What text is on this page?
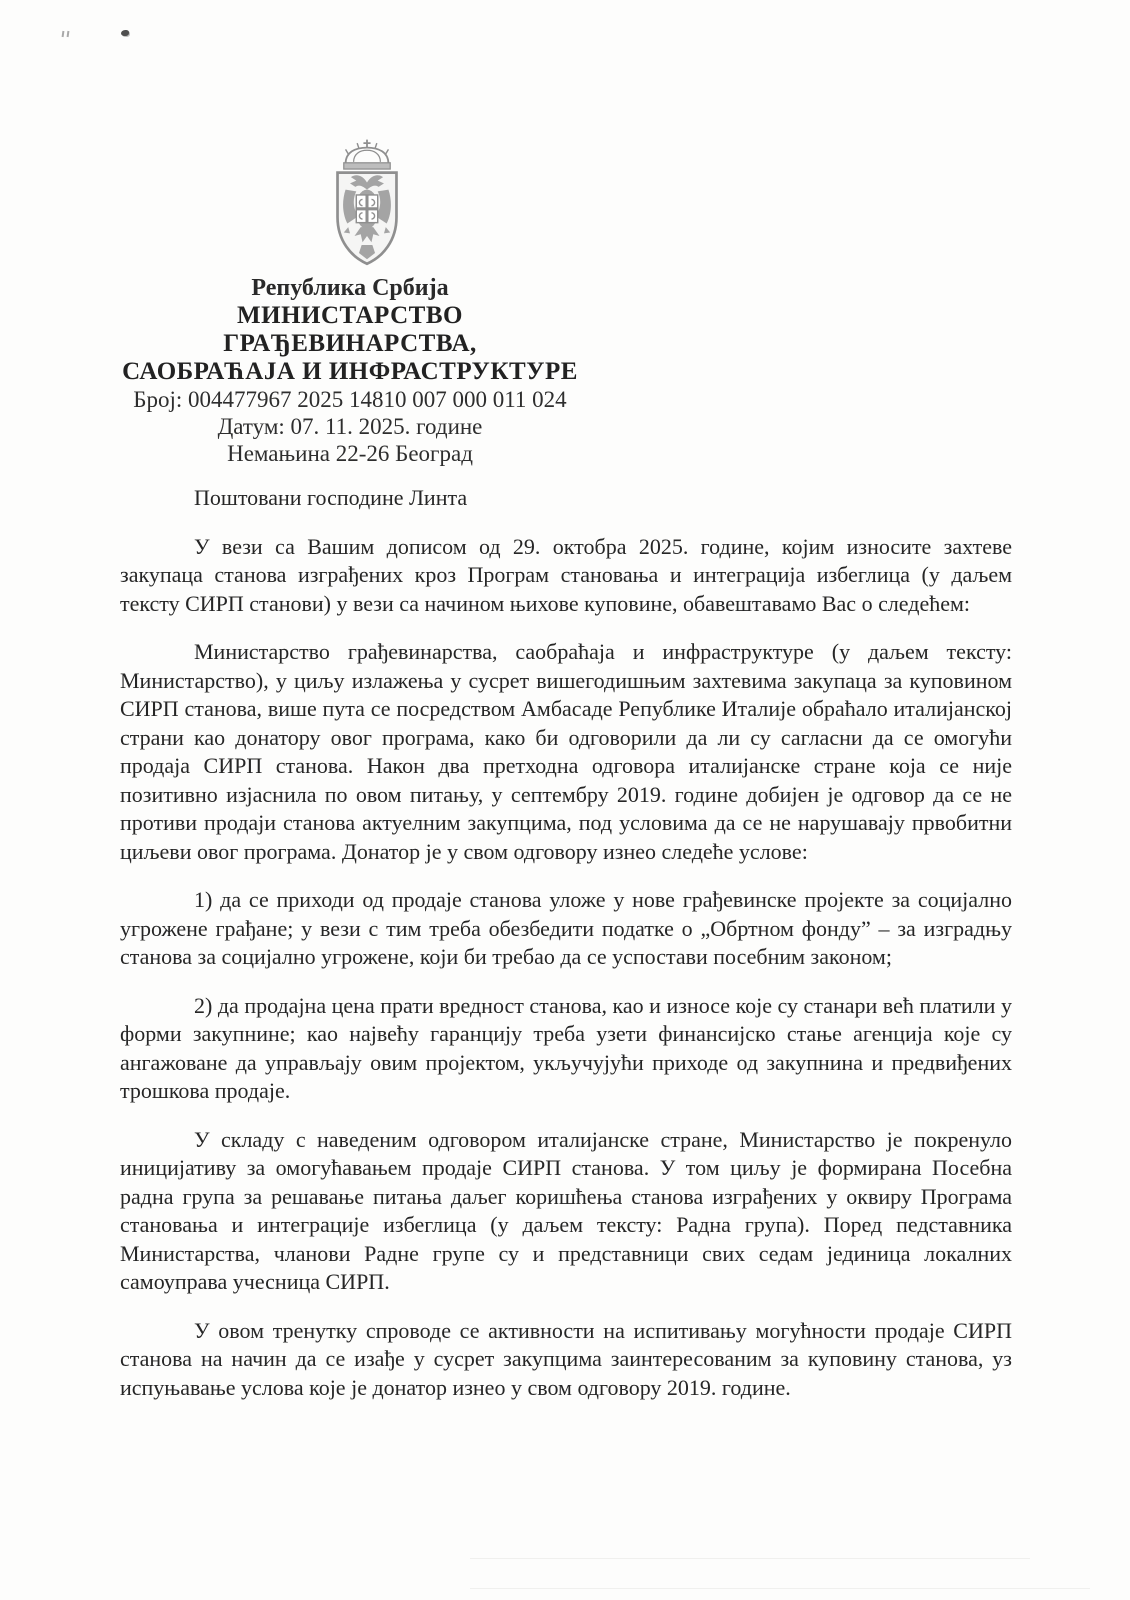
Република Србија
МИНИСТАРСТВО ГРАЂЕВИНАРСТВА,
САОБРАЋАЈА И ИНФРАСТРУКТУРЕ
Број: 004477967 2025 14810 007 000 011 024
Датум: 07. 11. 2025. године
Немањина 22-26 Београд

Поштовани господине Линта

У вези са Вашим дописом од 29. октобра 2025. године, којим износите захтеве закупаца станова изграђених кроз Програм становања и интеграција избеглица (у даљем тексту СИРП станови) у вези са начином њихове куповине, обавештавамо Вас о следећем:

Министарство грађевинарства, саобраћаја и инфраструктуре (у даљем тексту: Министарство), у циљу излажења у сусрет вишегодишњим захтевима закупаца за куповином СИРП станова, више пута се посредством Амбасаде Републике Италије обраћало италијанској страни као донатору овог програма, како би одговорили да ли су сагласни да се омогући продаја СИРП станова. Након два претходна одговора италијанске стране која се није позитивно изјаснила по овом питању, у септембру 2019. године добијен је одговор да се не противи продаји станова актуелним закупцима, под условима да се не нарушавају првобитни циљеви овог програма. Донатор је у свом одговору изнео следеће услове:

1) да се приходи од продаје станова уложе у нове грађевинске пројекте за социјално угрожене грађане; у вези с тим треба обезбедити податке о „Обртном фонду” – за изградњу станова за социјално угрожене, који би требао да се успостави посебним законом;

2) да продајна цена прати вредност станова, као и износе које су станари већ платили у форми закупнине; као највећу гаранцију треба узети финансијско стање агенција које су ангажоване да управљају овим пројектом, укључујући приходе од закупнина и предвиђених трошкова продаје.

У складу с наведеним одговором италијанске стране, Министарство је покренуло иницијативу за омогућавањем продаје СИРП станова. У том циљу је формирана Посебна радна група за решавање питања даљег коришћења станова изграђених у оквиру Програма становања и интеграције избеглица (у даљем тексту: Радна група). Поред педставника Министарства, чланови Радне групе су и представници свих седам јединица локалних самоуправа учесница СИРП.

У овом тренутку спроводе се активности на испитивању могућности продаје СИРП станова на начин да се изађе у сусрет закупцима заинтересованим за куповину станова, уз испуњавање услова које је донатор изнео у свом одговору 2019. године.
